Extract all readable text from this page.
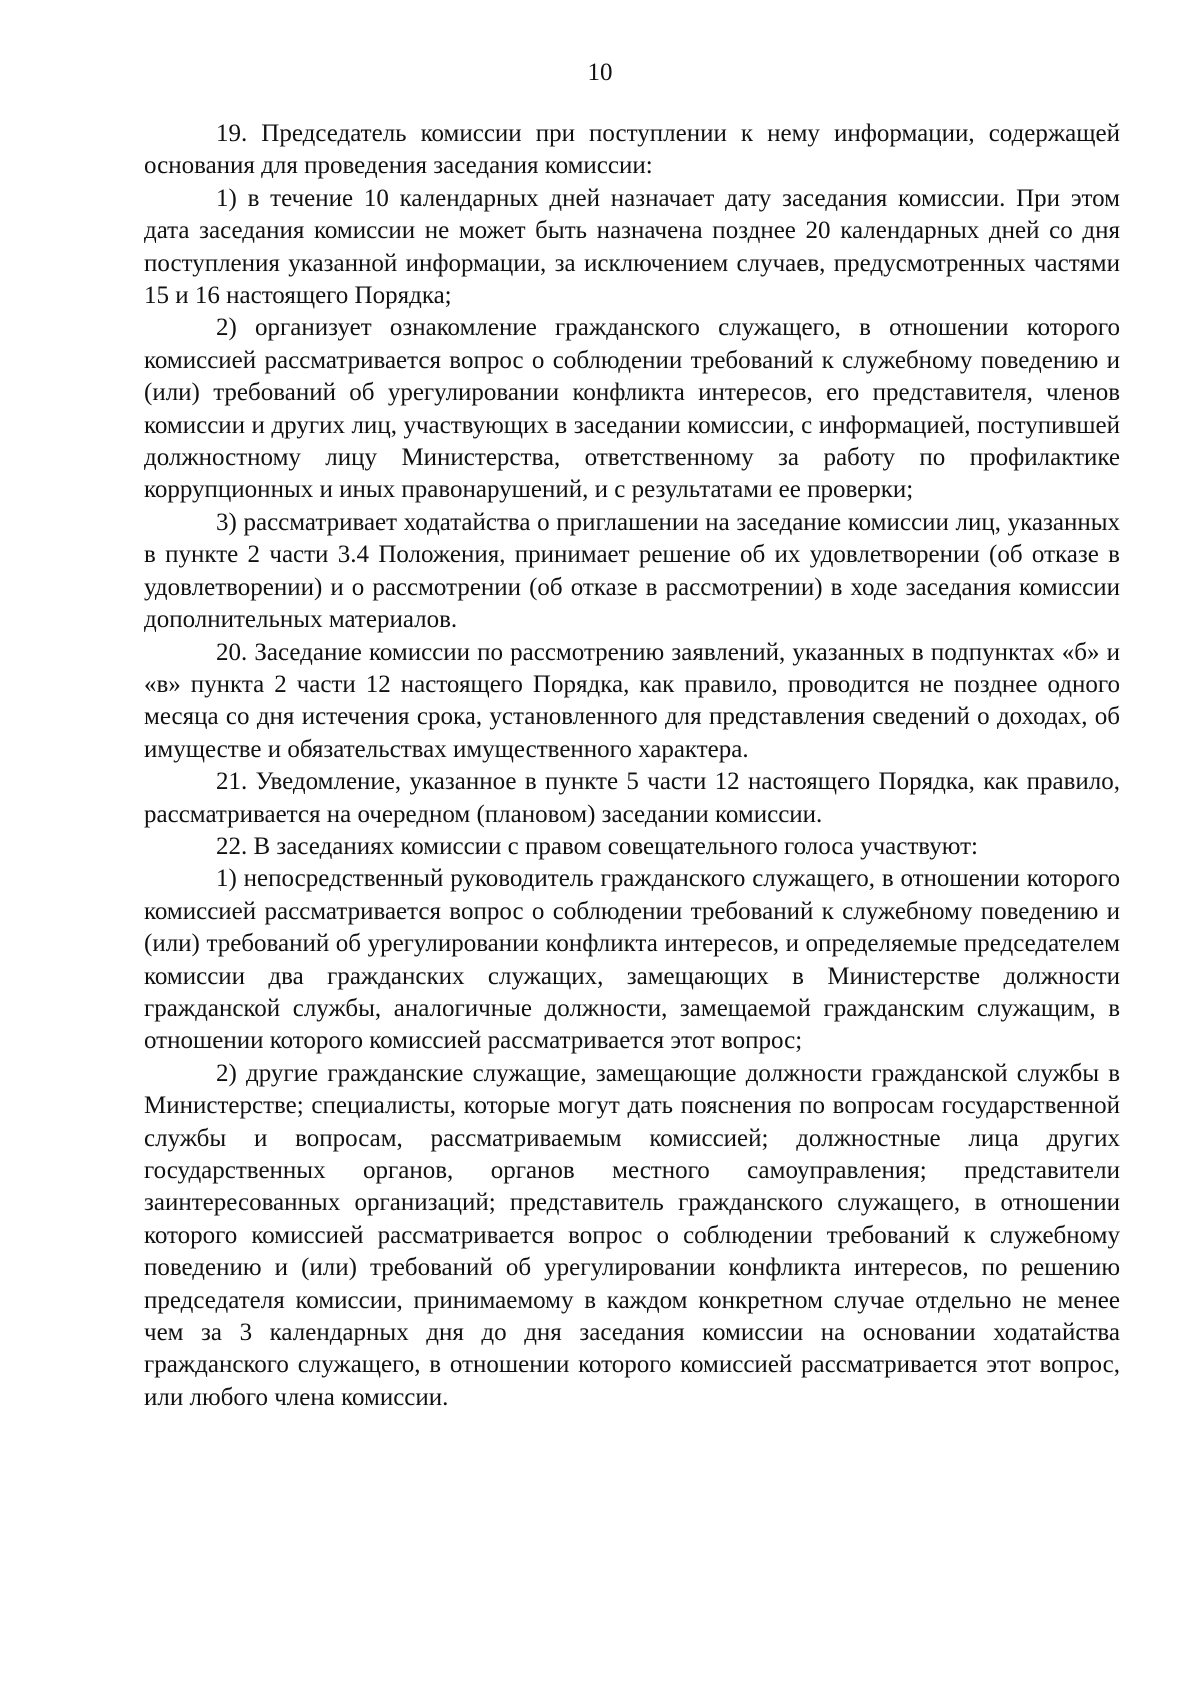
10

19. Председатель комиссии при поступлении к нему информации, содержащей основания для проведения заседания комиссии:

1) в течение 10 календарных дней назначает дату заседания комиссии. При этом дата заседания комиссии не может быть назначена позднее 20 календарных дней со дня поступления указанной информации, за исключением случаев, предусмотренных частями 15 и 16 настоящего Порядка;

2) организует ознакомление гражданского служащего, в отношении которого комиссией рассматривается вопрос о соблюдении требований к служебному поведению и (или) требований об урегулировании конфликта интересов, его представителя, членов комиссии и других лиц, участвующих в заседании комиссии, с информацией, поступившей должностному лицу Министерства, ответственному за работу по профилактике коррупционных и иных правонарушений, и с результатами ее проверки;

3) рассматривает ходатайства о приглашении на заседание комиссии лиц, указанных в пункте 2 части 3.4 Положения, принимает решение об их удовлетворении (об отказе в удовлетворении) и о рассмотрении (об отказе в рассмотрении) в ходе заседания комиссии дополнительных материалов.

20. Заседание комиссии по рассмотрению заявлений, указанных в подпунктах «б» и «в» пункта 2 части 12 настоящего Порядка, как правило, проводится не позднее одного месяца со дня истечения срока, установленного для представления сведений о доходах, об имуществе и обязательствах имущественного характера.

21. Уведомление, указанное в пункте 5 части 12 настоящего Порядка, как правило, рассматривается на очередном (плановом) заседании комиссии.

22. В заседаниях комиссии с правом совещательного голоса участвуют:

1) непосредственный руководитель гражданского служащего, в отношении которого комиссией рассматривается вопрос о соблюдении требований к служебному поведению и (или) требований об урегулировании конфликта интересов, и определяемые председателем комиссии два гражданских служащих, замещающих в Министерстве должности гражданской службы, аналогичные должности, замещаемой гражданским служащим, в отношении которого комиссией рассматривается этот вопрос;

2) другие гражданские служащие, замещающие должности гражданской службы в Министерстве; специалисты, которые могут дать пояснения по вопросам государственной службы и вопросам, рассматриваемым комиссией; должностные лица других государственных органов, органов местного самоуправления; представители заинтересованных организаций; представитель гражданского служащего, в отношении которого комиссией рассматривается вопрос о соблюдении требований к служебному поведению и (или) требований об урегулировании конфликта интересов, по решению председателя комиссии, принимаемому в каждом конкретном случае отдельно не менее чем за 3 календарных дня до дня заседания комиссии на основании ходатайства гражданского служащего, в отношении которого комиссией рассматривается этот вопрос, или любого члена комиссии.
